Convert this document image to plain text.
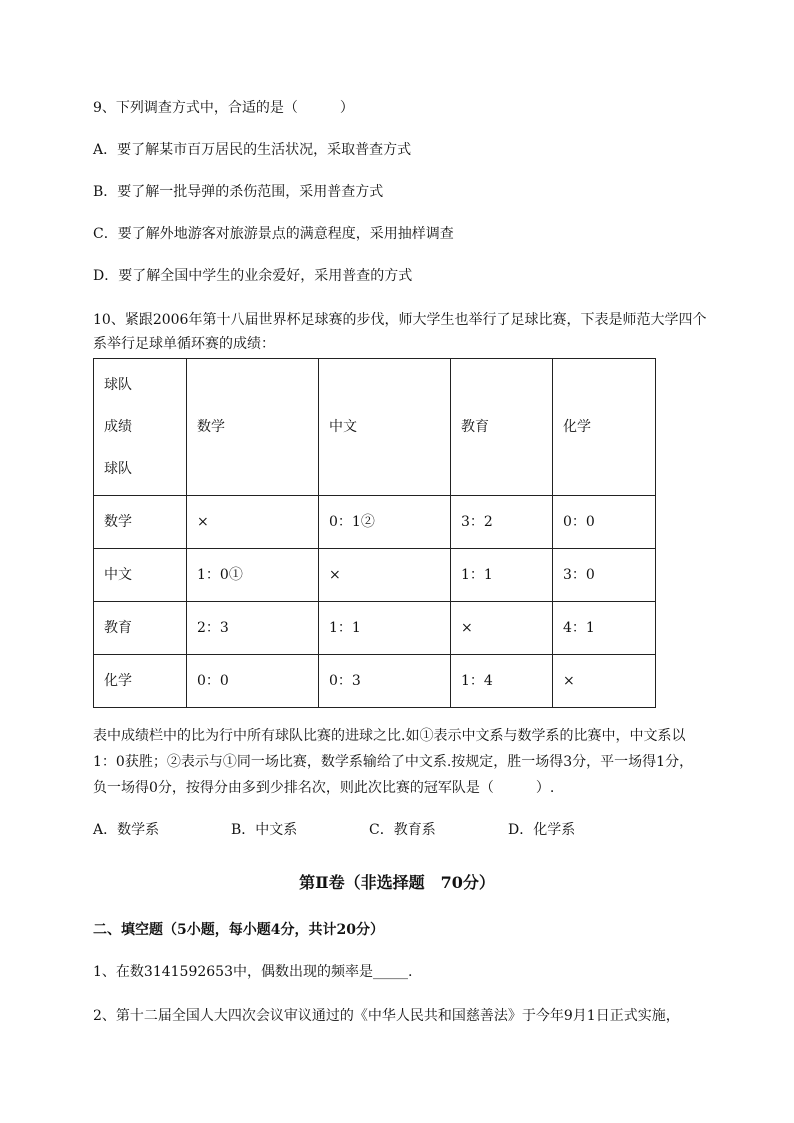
9、下列调查方式中，合适的是（　　　）
A．要了解某市百万居民的生活状况，采取普查方式
B．要了解一批导弹的杀伤范围，采用普查方式
C．要了解外地游客对旅游景点的满意程度，采用抽样调查
D．要了解全国中学生的业余爱好，采用普查的方式
10、紧跟2006年第十八届世界杯足球赛的步伐，师大学生也举行了足球比赛，下表是师范大学四个
系举行足球单循环赛的成绩：
球队
成绩
球队	数学	中文	教育	化学
数学	×	0：1②	3：2	0：0
中文	1：0①	×	1：1	3：0
教育	2：3	1：1	×	4：1
化学	0：0	0：3	1：4	×
表中成绩栏中的比为行中所有球队比赛的进球之比.如①表示中文系与数学系的比赛中，中文系以
1：0获胜；②表示与①同一场比赛，数学系输给了中文系.按规定，胜一场得3分，平一场得1分，
负一场得0分，按得分由多到少排名次，则此次比赛的冠军队是（　　　）.
A．数学系	B．中文系	C．教育系	D．化学系
第Ⅱ卷（非选择题　70分）
二、填空题（5小题，每小题4分，共计20分）
1、在数3141592653中，偶数出现的频率是_____.
2、第十二届全国人大四次会议审议通过的《中华人民共和国慈善法》于今年9月1日正式实施，
